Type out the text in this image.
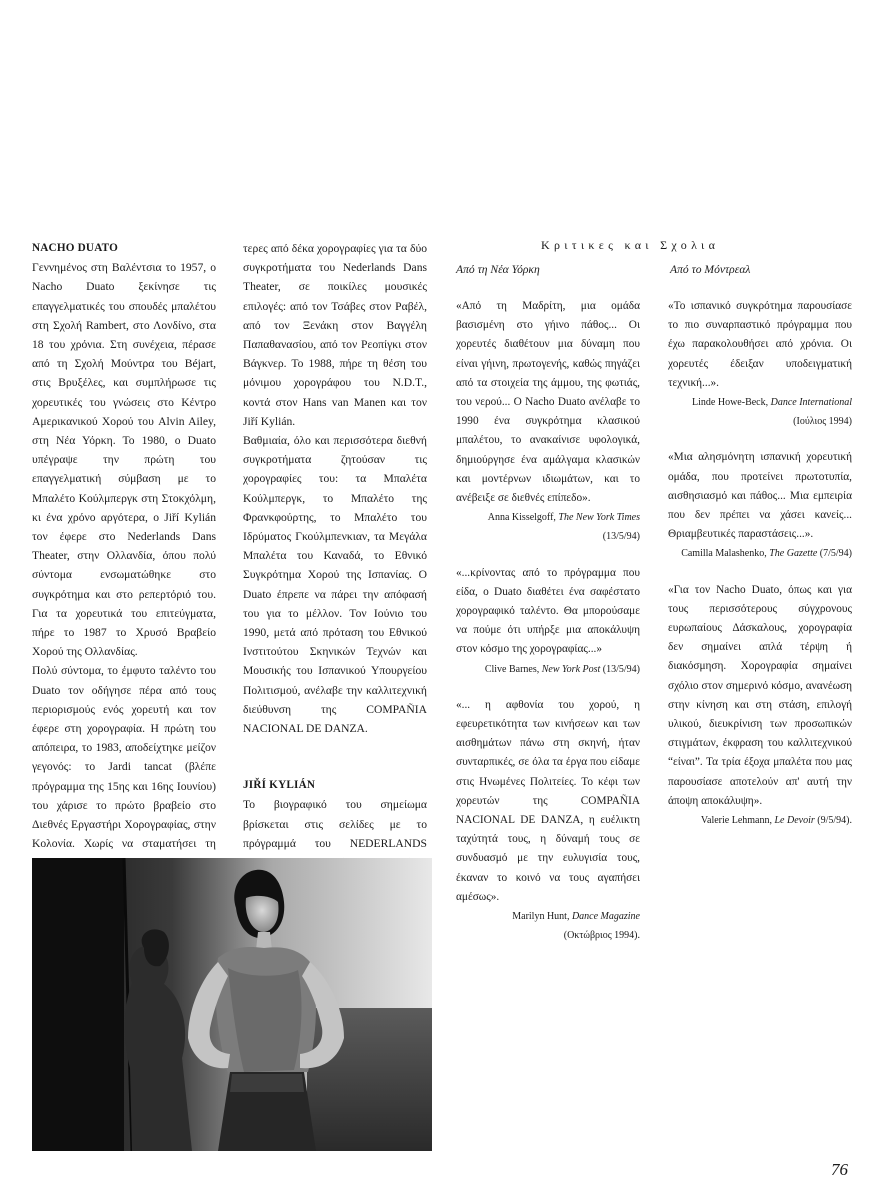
NACHO DUATO

Γεννημένος στη Βαλέντσια το 1957, ο Nacho Duato ξεκίνησε τις επαγγελματικές του σπουδές μπαλέτου στη Σχολή Rambert, στο Λονδίνο, στα 18 του χρόνια. Στη συνέχεια, πέρασε από τη Σχολή Μούντρα του Béjart, στις Βρυξέλες, και συμπλήρωσε τις χορευτικές του γνώσεις στο Κέντρο Αμερικανικού Χορού του Alvin Ailey, στη Νέα Υόρκη. Το 1980, ο Duato υπέγραψε την πρώτη του επαγγελματική σύμβαση με το Μπαλέτο Κούλμπεργκ στη Στοκχόλμη, κι ένα χρόνο αργότερα, ο Jiří Kylián τον έφερε στο Nederlands Dans Theater, στην Ολλανδία, όπου πολύ σύντομα ενσωματώθηκε στο συγκρότημα και στο ρεπερτόριό του. Για τα χορευτικά του επιτεύγματα, πήρε το 1987 το Χρυσό Βραβείο Χορού της Ολλανδίας.

Πολύ σύντομα, το έμφυτο ταλέντο του Duato τον οδήγησε πέρα από τους περιορισμούς ενός χορευτή και τον έφερε στη χορογραφία. Η πρώτη του απόπειρα, το 1983, αποδείχτηκε μείζον γεγονός: το Jardi tancat (βλέπε πρόγραμμα της 15ης και 16ης Ιουνίου) του χάρισε το πρώτο βραβείο στο Διεθνές Εργαστήρι Χορογραφίας, στην Κολονία. Χωρίς να σταματήσει τη

τερες από δέκα χορογραφίες για τα δύο συγκροτήματα του Nederlands Dans Theater, σε ποικίλες μουσικές επιλογές: από τον Τσάβες στον Ραβέλ, από τον Ξενάκη στον Βαγγέλη Παπαθανασίου, από τον Ρεοπίγκι στον Βάγκνερ. Το 1988, πήρε τη θέση του μόνιμου χορογράφου του N.D.T., κοντά στον Hans van Manen και τον Jiří Kylián.

Βαθμιαία, όλο και περισσότερα διεθνή συγκροτήματα ζητούσαν τις χορογραφίες του: τα Μπαλέτα Κούλμπεργκ, το Μπαλέτο της Φρανκφούρτης, το Μπαλέτο του Ιδρύματος Γκούλμπενκιαν, τα Μεγάλα Μπαλέτα του Καναδά, το Εθνικό Συγκρότημα Χορού της Ισπανίας. Ο Duato έπρεπε να πάρει την απόφασή του για το μέλλον. Τον Ιούνιο του 1990, μετά από πρόταση του Εθνικού Ινστιτούτου Σκηνικών Τεχνών και Μουσικής του Ισπανικού Υπουργείου Πολιτισμού, ανέλαβε την καλλιτεχνική διεύθυνση της COMPAÑIA NACIONAL DE DANZA.

JIŘÍ KYLIÁN

Το βιογραφικό του σημείωμα βρίσκεται στις σελίδες με το πρόγραμμά του NEDERLANDS

Κριτικες και Σχολια
Από τη Νέα Υόρκη	Από το Μόντρεαλ

«Από τη Μαδρίτη, μια ομάδα βασισμένη στο γήινο πάθος... Οι χορευτές διαθέτουν μια δύναμη που είναι γήινη, πρωτογενής, καθώς πηγάζει από τα στοιχεία της άμμου, της φωτιάς, του νερού... Ο Nacho Duato ανέλαβε το 1990 ένα συγκρότημα κλασικού μπαλέτου, το ανακαίνισε υφολογικά, δημιούργησε ένα αμάλγαμα κλασικών και μοντέρνων ιδιωμάτων, και το ανέβειξε σε διεθνές επίπεδο».

Anna Kisselgoff, The New York Times

(13/5/94)

«...κρίνοντας από το πρόγραμμα που είδα, ο Duato διαθέτει ένα σαφέστατο χορογραφικό ταλέντο. Θα μπορούσαμε να πούμε ότι υπήρξε μια αποκάλυψη στον κόσμο της χορογραφίας...»

Clive Barnes, New York Post (13/5/94)

«... η αφθονία του χορού, η εφευρετικότητα των κινήσεων και των αισθημάτων πάνω στη σκηνή, ήταν συνταρπικές, σε όλα τα έργα που είδαμε στις Ηνωμένες Πολιτείες. Το κέφι των χορευτών της COMPAÑIA NACIONAL DE DANZA, η ευέλικτη ταχύτητά τους, η δύναμή τους σε συνδυασμό με την ευλυγισία τους, έκαναν το κοινό να τους αγαπήσει αμέσως».

Marilyn Hunt, Dance Magazine

(Οκτώβριος 1994).

«Το ισπανικό συγκρότημα παρουσίασε το πιο συναρπαστικό πρόγραμμα που έχω παρακολουθήσει από χρόνια. Οι χορευτές έδειξαν υποδειγματική τεχνική...».

Linde Howe-Beck, Dance International

(Ιούλιος 1994)

«Μια αλησμόνητη ισπανική χορευτική ομάδα, που προτείνει πρωτοτυπία, αισθησιασμό και πάθος... Μια εμπειρία που δεν πρέπει να χάσει κανείς... Θριαμβευτικές παραστάσεις...».

Camilla Malashenko, The Gazette (7/5/94)

«Για τον Nacho Duato, όπως και για τους περισσότερους σύγχρονους ευρωπαίους Δάσκαλους, χορογραφία δεν σημαίνει απλά τέρψη ή διακόσμηση. Χορογραφία σημαίνει σχόλιο στον σημερινό κόσμο, ανανέωση στην κίνηση και στη στάση, επιλογή υλικού, διευκρίνιση των προσωπικών στιγμάτων, έκφραση του καλλιτεχνικού “είναι”. Τα τρία έξοχα μπαλέτα που μας παρουσίασε αποτελούν απ' αυτή την άποψη αποκάλυψη».

Valerie Lehmann, Le Devoir (9/5/94).

76
